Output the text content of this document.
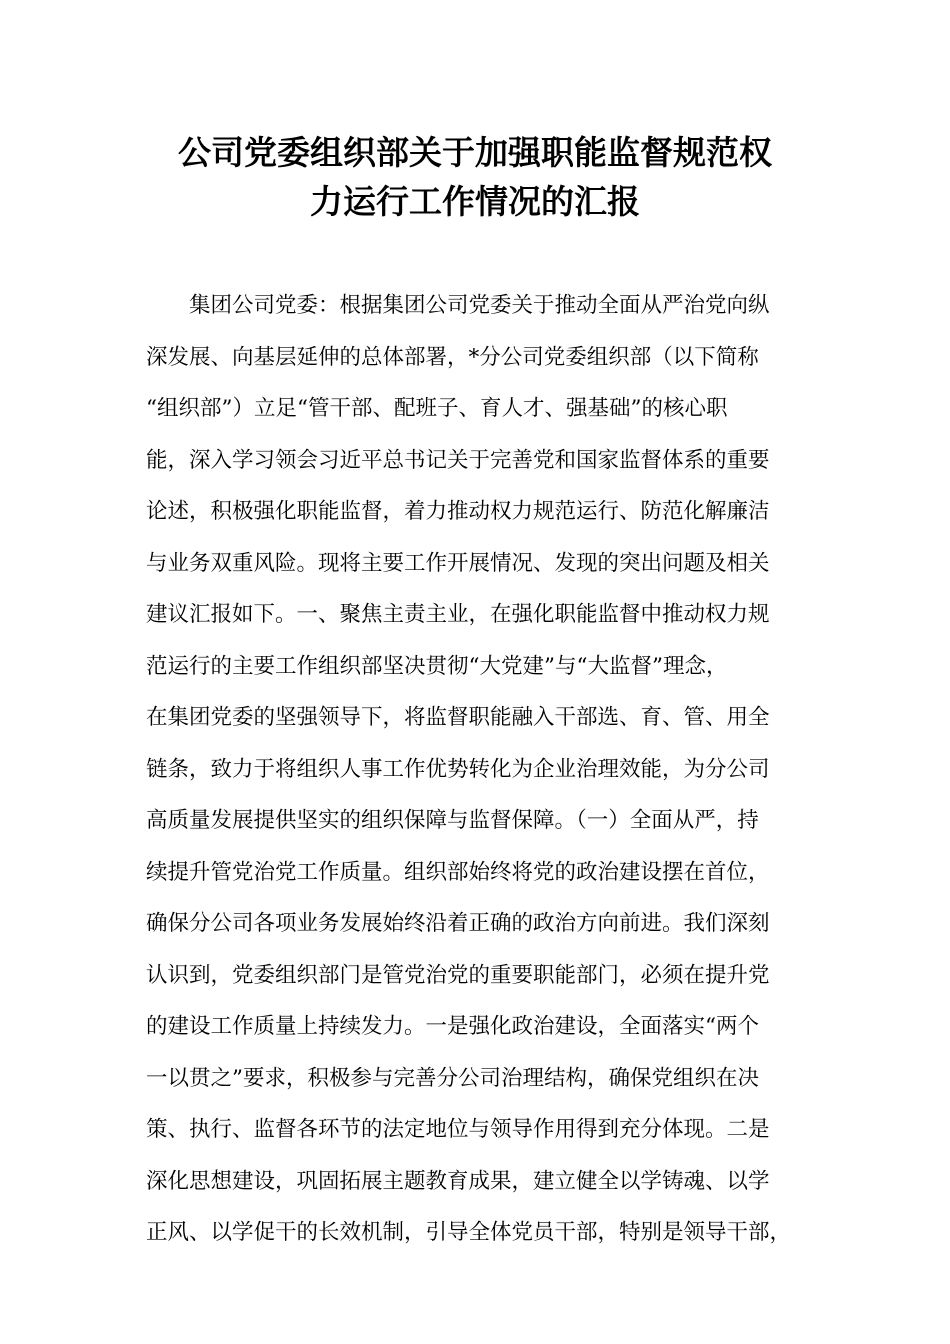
公司党委组织部关于加强职能监督规范权
力运行工作情况的汇报
集团公司党委：根据集团公司党委关于推动全面从严治党向纵
深发展、向基层延伸的总体部署，*分公司党委组织部（以下简称
“组织部”）立足“管干部、配班子、育人才、强基础”的核心职
能，深入学习领会习近平总书记关于完善党和国家监督体系的重要
论述，积极强化职能监督，着力推动权力规范运行、防范化解廉洁
与业务双重风险。现将主要工作开展情况、发现的突出问题及相关
建议汇报如下。一、聚焦主责主业，在强化职能监督中推动权力规
范运行的主要工作组织部坚决贯彻“大党建”与“大监督”理念，
在集团党委的坚强领导下，将监督职能融入干部选、育、管、用全
链条，致力于将组织人事工作优势转化为企业治理效能，为分公司
高质量发展提供坚实的组织保障与监督保障。（一）全面从严，持
续提升管党治党工作质量。组织部始终将党的政治建设摆在首位，
确保分公司各项业务发展始终沿着正确的政治方向前进。我们深刻
认识到，党委组织部门是管党治党的重要职能部门，必须在提升党
的建设工作质量上持续发力。一是强化政治建设，全面落实“两个
一以贯之”要求，积极参与完善分公司治理结构，确保党组织在决
策、执行、监督各环节的法定地位与领导作用得到充分体现。二是
深化思想建设，巩固拓展主题教育成果，建立健全以学铸魂、以学
正风、以学促干的长效机制，引导全体党员干部，特别是领导干部，
